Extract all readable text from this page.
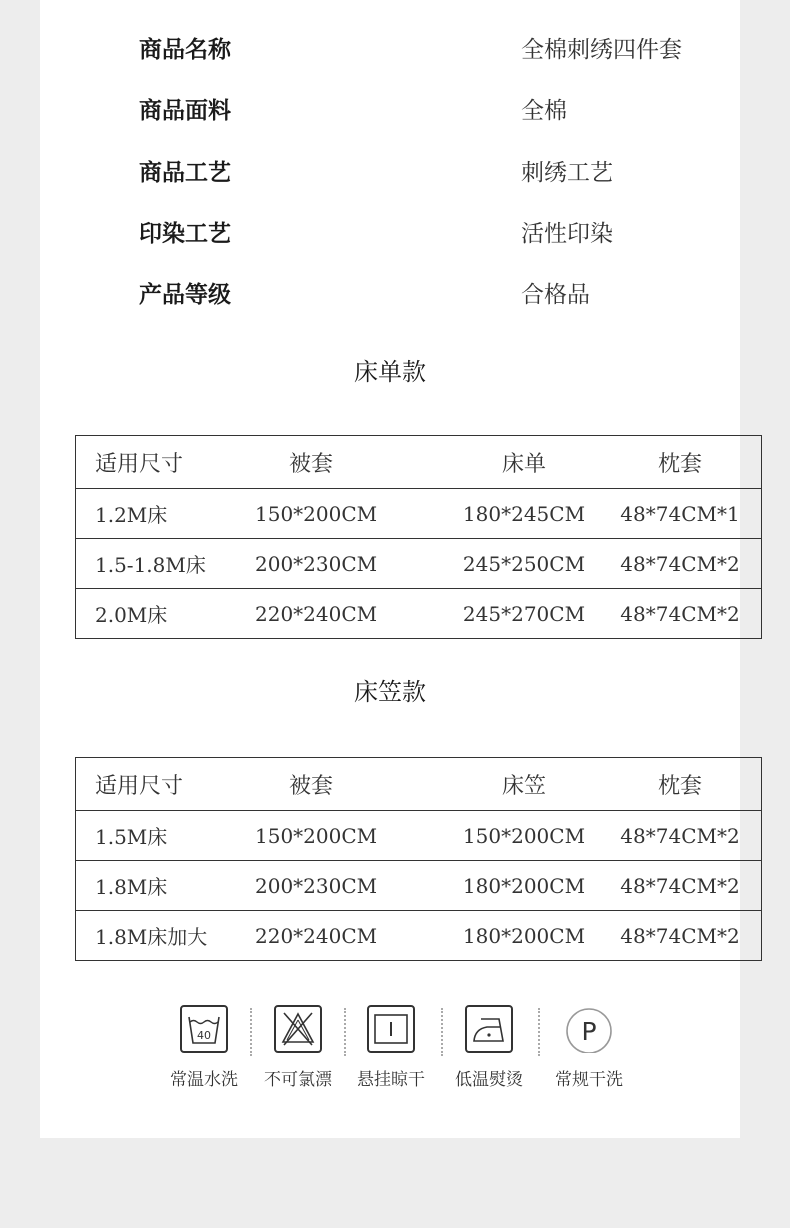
商品名称	全棉刺绣四件套
商品面料	全棉
商品工艺	刺绣工艺
印染工艺	活性印染
产品等级	合格品
床单款
适用尺寸	被套	床单	枕套
1.2M床	150*200CM	180*245CM	48*74CM*1
1.5-1.8M床	200*230CM	245*250CM	48*74CM*2
2.0M床	220*240CM	245*270CM	48*74CM*2
床笠款
适用尺寸	被套	床笠	枕套
1.5M床	150*200CM	150*200CM	48*74CM*2
1.8M床	200*230CM	180*200CM	48*74CM*2
1.8M床加大	220*240CM	180*200CM	48*74CM*2
40
常温水洗	不可氯漂	悬挂晾干	低温熨烫
P
常规干洗
